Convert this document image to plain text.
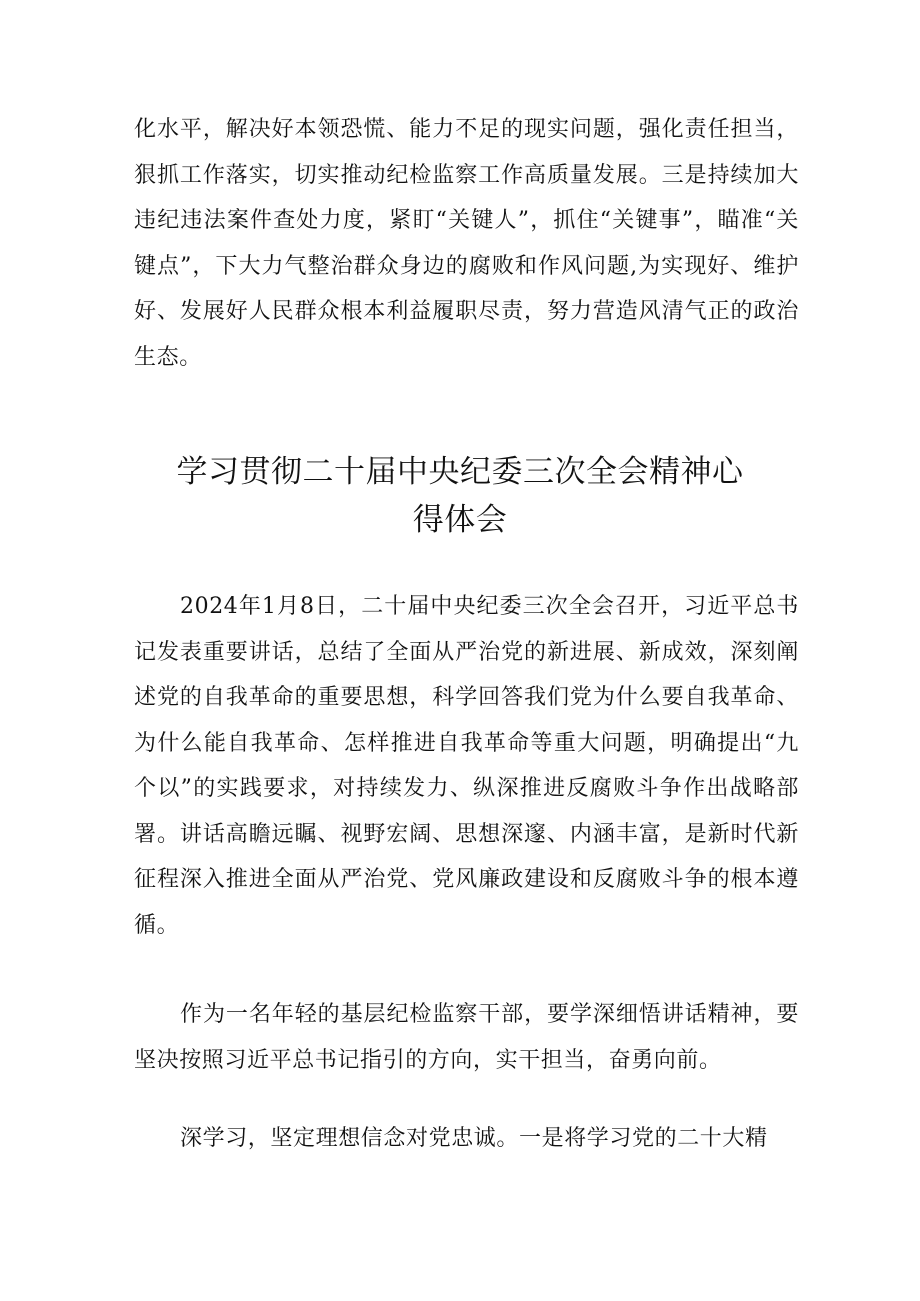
化水平，解决好本领恐慌、能力不足的现实问题，强化责任担当，狠抓工作落实，切实推动纪检监察工作高质量发展。三是持续加大违纪违法案件查处力度，紧盯“关键人”，抓住“关键事”，瞄准“关键点”，下大力气整治群众身边的腐败和作风问题,为实现好、维护好、发展好人民群众根本利益履职尽责，努力营造风清气正的政治生态。

学习贯彻二十届中央纪委三次全会精神心
得体会

2024年1月8日，二十届中央纪委三次全会召开，习近平总书记发表重要讲话，总结了全面从严治党的新进展、新成效，深刻阐述党的自我革命的重要思想，科学回答我们党为什么要自我革命、为什么能自我革命、怎样推进自我革命等重大问题，明确提出“九个以”的实践要求，对持续发力、纵深推进反腐败斗争作出战略部署。讲话高瞻远瞩、视野宏阔、思想深邃、内涵丰富，是新时代新征程深入推进全面从严治党、党风廉政建设和反腐败斗争的根本遵循。

作为一名年轻的基层纪检监察干部，要学深细悟讲话精神，要坚决按照习近平总书记指引的方向，实干担当，奋勇向前。

深学习，坚定理想信念对党忠诚。一是将学习党的二十大精
